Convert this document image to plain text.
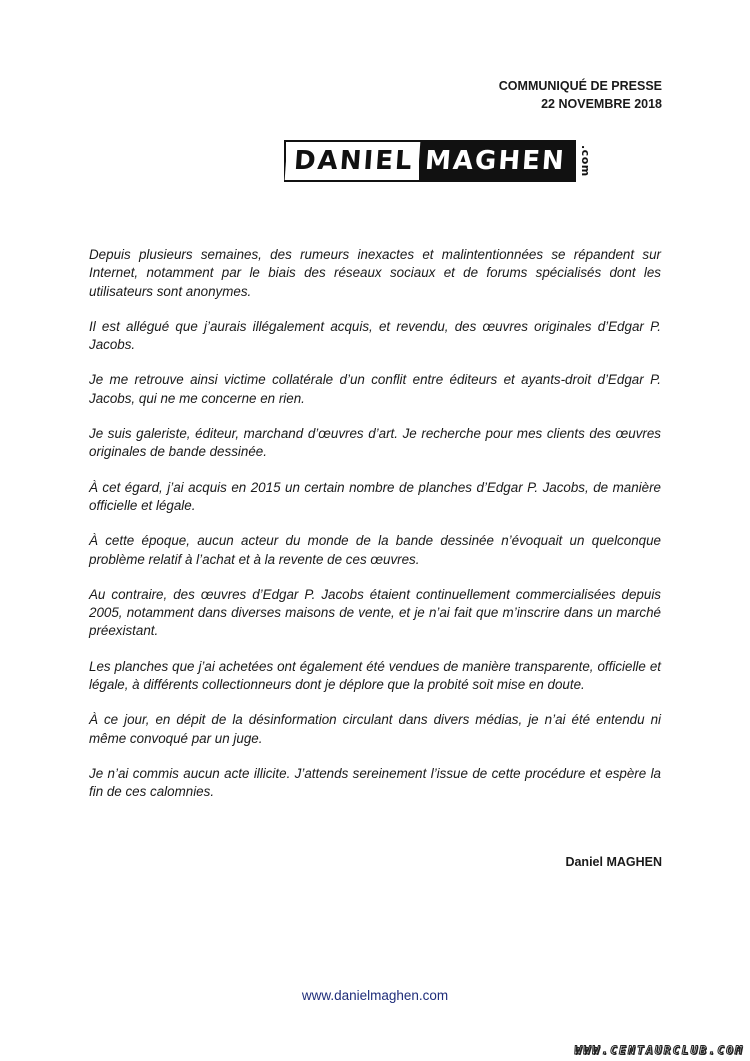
COMMUNIQUÉ DE PRESSE
22 NOVEMBRE 2018
DANIEL MAGHEN .com

Depuis plusieurs semaines, des rumeurs inexactes et malintentionnées se répandent sur Internet, notamment par le biais des réseaux sociaux et de forums spécialisés dont les utilisateurs sont anonymes.

Il est allégué que j’aurais illégalement acquis, et revendu, des œuvres originales d’Edgar P. Jacobs.

Je me retrouve ainsi victime collatérale d’un conflit entre éditeurs et ayants-droit d’Edgar P. Jacobs, qui ne me concerne en rien.

Je suis galeriste, éditeur, marchand d’œuvres d’art. Je recherche pour mes clients des œuvres originales de bande dessinée.

À cet égard, j’ai acquis en 2015 un certain nombre de planches d’Edgar P. Jacobs, de manière officielle et légale.

À cette époque, aucun acteur du monde de la bande dessinée n’évoquait un quelconque problème relatif à l’achat et à la revente de ces œuvres.

Au contraire, des œuvres d’Edgar P. Jacobs étaient continuellement commercialisées depuis 2005, notamment dans diverses maisons de vente, et je n’ai fait que m’inscrire dans un marché préexistant.

Les planches que j’ai achetées ont également été vendues de manière transparente, officielle et légale, à différents collectionneurs dont je déplore que la probité soit mise en doute.

À ce jour, en dépit de la désinformation circulant dans divers médias, je n’ai été entendu ni même convoqué par un juge.

Je n’ai commis aucun acte illicite. J’attends sereinement l’issue de cette procédure et espère la fin de ces calomnies.

Daniel MAGHEN
www.danielmaghen.com
WWW.CENTAURCLUB.COM
